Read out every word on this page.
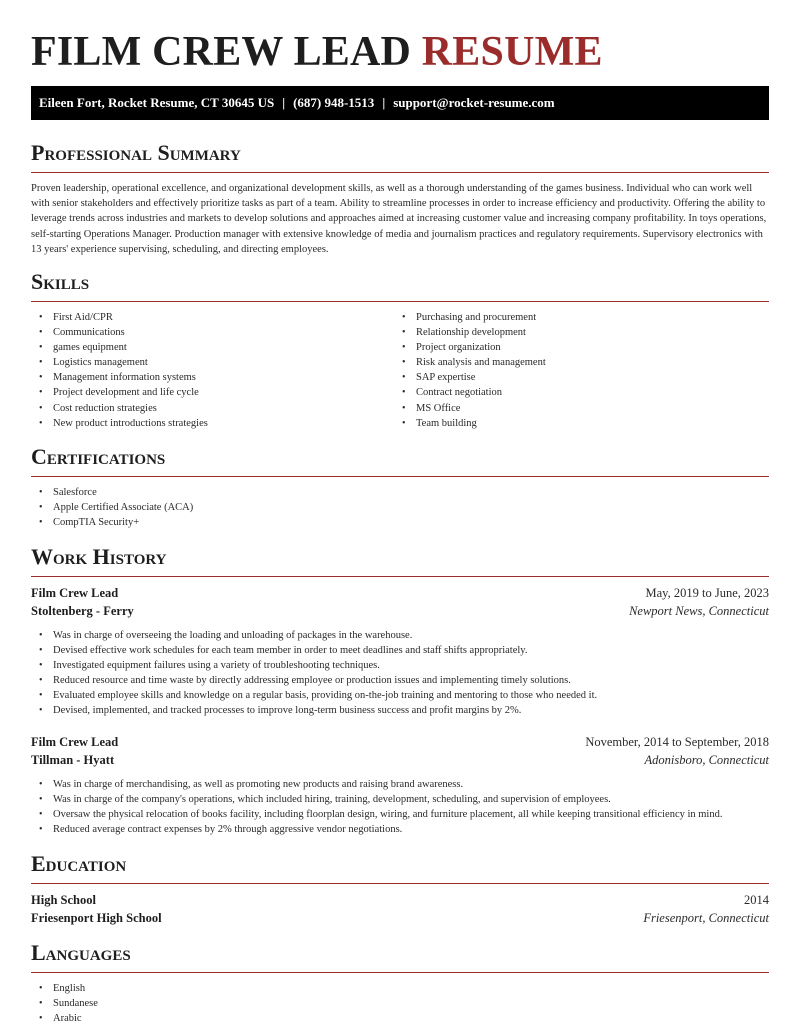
FILM CREW LEAD RESUME
Eileen Fort, Rocket Resume, CT 30645 US | (687) 948-1513 | support@rocket-resume.com
Professional Summary
Proven leadership, operational excellence, and organizational development skills, as well as a thorough understanding of the games business. Individual who can work well with senior stakeholders and effectively prioritize tasks as part of a team. Ability to streamline processes in order to increase efficiency and productivity. Offering the ability to leverage trends across industries and markets to develop solutions and approaches aimed at increasing customer value and increasing company profitability. In toys operations, self-starting Operations Manager. Production manager with extensive knowledge of media and journalism practices and regulatory requirements. Supervisory electronics with 13 years' experience supervising, scheduling, and directing employees.
Skills
• First Aid/CPR
• Communications
• games equipment
• Logistics management
• Management information systems
• Project development and life cycle
• Cost reduction strategies
• New product introductions strategies
• Purchasing and procurement
• Relationship development
• Project organization
• Risk analysis and management
• SAP expertise
• Contract negotiation
• MS Office
• Team building
Certifications
• Salesforce
• Apple Certified Associate (ACA)
• CompTIA Security+
Work History
Film Crew Lead	May, 2019 to June, 2023
Stoltenberg - Ferry	Newport News, Connecticut
• Was in charge of overseeing the loading and unloading of packages in the warehouse.
• Devised effective work schedules for each team member in order to meet deadlines and staff shifts appropriately.
• Investigated equipment failures using a variety of troubleshooting techniques.
• Reduced resource and time waste by directly addressing employee or production issues and implementing timely solutions.
• Evaluated employee skills and knowledge on a regular basis, providing on-the-job training and mentoring to those who needed it.
• Devised, implemented, and tracked processes to improve long-term business success and profit margins by 2%.
Film Crew Lead	November, 2014 to September, 2018
Tillman - Hyatt	Adonisboro, Connecticut
• Was in charge of merchandising, as well as promoting new products and raising brand awareness.
• Was in charge of the company's operations, which included hiring, training, development, scheduling, and supervision of employees.
• Oversaw the physical relocation of books facility, including floorplan design, wiring, and furniture placement, all while keeping transitional efficiency in mind.
• Reduced average contract expenses by 2% through aggressive vendor negotiations.
Education
High School	2014
Friesenport High School	Friesenport, Connecticut
Languages
• English
• Sundanese
• Arabic
